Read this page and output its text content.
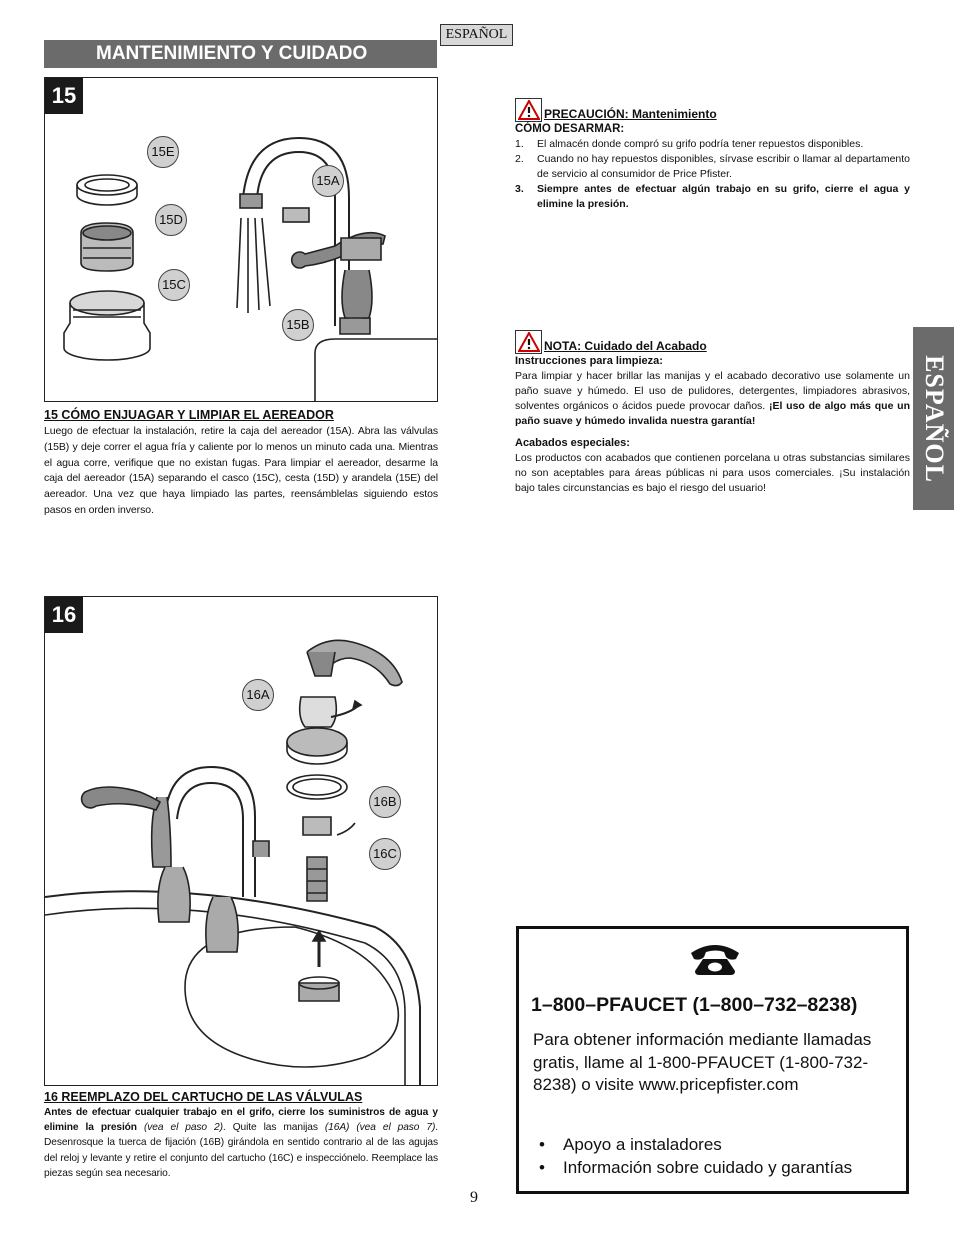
ESPAÑOL
MANTENIMIENTO Y CUIDADO
15
15E
15D
15C
15A
15B
15 CÓMO ENJUAGAR Y LIMPIAR EL AEREADOR
Luego de efectuar la instalación, retire la caja del aereador (15A). Abra las válvulas (15B) y deje correr el agua fría y caliente por lo menos un minuto cada una. Mientras el agua corre, verifique que no existan fugas. Para limpiar el aereador, desarme la caja del aereador (15A) separando el casco (15C), cesta (15D) y arandela (15E) del aereador. Una vez que haya limpiado las partes, reensámblelas siguiendo estos pasos en orden inverso.
16
16A
16B
16C
16 REEMPLAZO DEL CARTUCHO DE LAS VÁLVULAS
Antes de efectuar cualquier trabajo en el grifo, cierre los suministros de agua y elimine la presión (vea el paso 2). Quite las manijas (16A) (vea el paso 7). Desenrosque la tuerca de fijación (16B) girándola en sentido contrario al de las agujas del reloj y levante y retire el conjunto del cartucho (16C) e inspecciónelo. Reemplace las piezas según sea necesario.
PRECAUCIÓN: Mantenimiento
CÓMO DESARMAR:
1.	El almacén donde compró su grifo podría tener repuestos disponibles.
2.	Cuando no hay repuestos disponibles, sírvase escribir o llamar al departamento de servicio al consumidor de Price Pfister.
3.	Siempre antes de efectuar algún trabajo en su grifo, cierre el agua y elimine la presión.
NOTA: Cuidado del Acabado
Instrucciones para limpieza:

Para limpiar y hacer brillar las manijas y el acabado decorativo use solamente un paño suave y húmedo. El uso de pulidores, detergentes, limpiadores abrasivos, solventes orgánicos o ácidos puede provocar daños. ¡El uso de algo más que un paño suave y húmedo invalida nuestra garantía!

Acabados especiales:

Los productos con acabados que contienen porcelana u otras substancias similares no son aceptables para áreas públicas ni para usos comerciales. ¡Su instalación bajo tales circunstancias es bajo el riesgo del usuario!

ESPAÑOL
1–800–PFAUCET (1–800–732–8238)
Para obtener información mediante llamadas gratis, llame al 1-800-PFAUCET (1-800-732-8238) o visite www.pricepfister.com
• Apoyo a instaladores
• Información sobre cuidado y garantías
9
